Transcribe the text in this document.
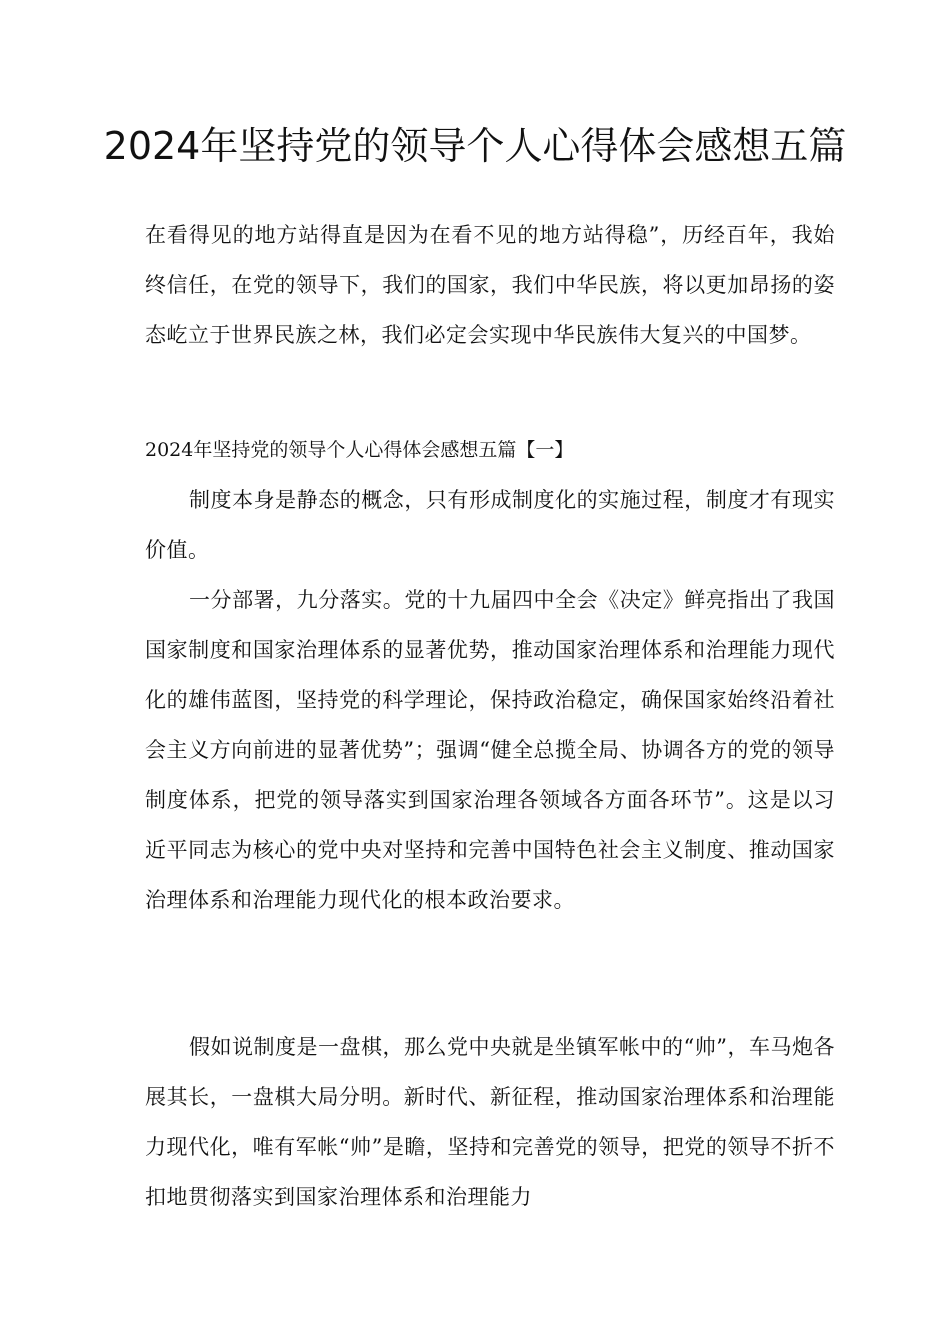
2024年坚持党的领导个人心得体会感想五篇

在看得见的地方站得直是因为在看不见的地方站得稳”，历经百年，我始终信任，在党的领导下，我们的国家，我们中华民族，将以更加昂扬的姿态屹立于世界民族之林，我们必定会实现中华民族伟大复兴的中国梦。

2024年坚持党的领导个人心得体会感想五篇【一】

制度本身是静态的概念，只有形成制度化的实施过程，制度才有现实价值。

一分部署，九分落实。党的十九届四中全会《决定》鲜亮指出了我国国家制度和国家治理体系的显著优势，推动国家治理体系和治理能力现代化的雄伟蓝图，坚持党的科学理论，保持政治稳定，确保国家始终沿着社会主义方向前进的显著优势”；强调“健全总揽全局、协调各方的党的领导制度体系，把党的领导落实到国家治理各领域各方面各环节”。这是以习近平同志为核心的党中央对坚持和完善中国特色社会主义制度、推动国家治理体系和治理能力现代化的根本政治要求。

假如说制度是一盘棋，那么党中央就是坐镇军帐中的“帅”，车马炮各展其长，一盘棋大局分明。新时代、新征程，推动国家治理体系和治理能力现代化，唯有军帐“帅”是瞻，坚持和完善党的领导，把党的领导不折不扣地贯彻落实到国家治理体系和治理能力
